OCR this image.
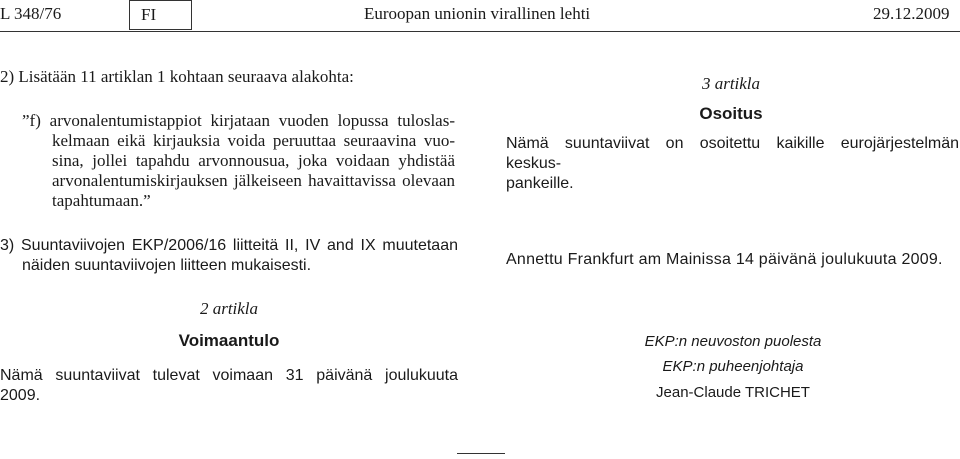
L 348/76	FI	Euroopan unionin virallinen lehti	29.12.2009
2) Lisätään 11 artiklan 1 kohtaan seuraava alakohta:
”f) arvonalentumistappiot kirjataan vuoden lopussa tuloslas-
kelmaan eikä kirjauksia voida peruuttaa seuraavina vuo-
sina, jollei tapahdu arvonnousua, joka voidaan yhdistää
arvonalentumiskirjauksen jälkeiseen havaittavissa olevaan
tapahtumaan.”
3) Suuntaviivojen EKP/2006/16 liitteitä II, IV and IX muutetaan
näiden suuntaviivojen liitteen mukaisesti.
2 artikla
Voimaantulo
Nämä suuntaviivat tulevat voimaan 31 päivänä joulukuuta
2009.
3 artikla
Osoitus
Nämä suuntaviivat on osoitettu kaikille eurojärjestelmän keskus-
pankeille.
Annettu Frankfurt am Mainissa 14 päivänä joulukuuta 2009.
EKP:n neuvoston puolesta
EKP:n puheenjohtaja
Jean-Claude TRICHET
